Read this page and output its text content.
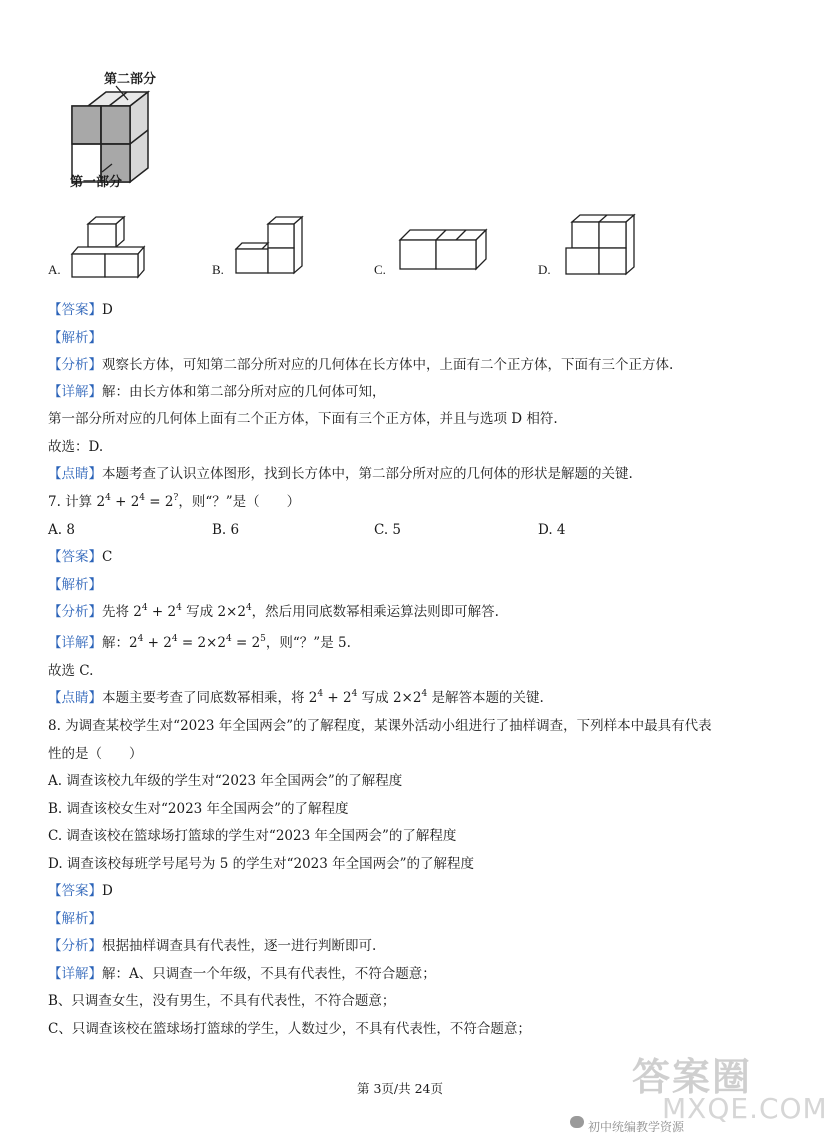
第二部分
第一部分
A.	B.	C.	D.
【答案】D
【解析】
【分析】观察长方体，可知第二部分所对应的几何体在长方体中，上面有二个正方体，下面有三个正方体.
【详解】解：由长方体和第二部分所对应的几何体可知，
第一部分所对应的几何体上面有二个正方体，下面有三个正方体，并且与选项 D 相符.
故选：D.
【点睛】本题考查了认识立体图形，找到长方体中，第二部分所对应的几何体的形状是解题的关键.
7. 计算 $2^4 + 2^4 = 2^?$，则“？”是（　　）
A. 8	B. 6	C. 5	D. 4
【答案】C
【解析】
【分析】先将 $2^4 + 2^4$ 写成 $2\times 2^4$，然后用同底数幂相乘运算法则即可解答.
【详解】解：$2^4 + 2^4 = 2\times 2^4 = 2^5$，则“？”是 5.
故选 C.
【点睛】本题主要考查了同底数幂相乘，将 $2^4 + 2^4$ 写成 $2\times 2^4$ 是解答本题的关键.
8. 为调查某校学生对“2023 年全国两会”的了解程度，某课外活动小组进行了抽样调查，下列样本中最具有代表
性的是（　　）
A. 调查该校九年级的学生对“2023 年全国两会”的了解程度
B. 调查该校女生对“2023 年全国两会”的了解程度
C. 调查该校在篮球场打篮球的学生对“2023 年全国两会”的了解程度
D. 调查该校每班学号尾号为 5 的学生对“2023 年全国两会”的了解程度
【答案】D
【解析】
【分析】根据抽样调查具有代表性，逐一进行判断即可.
【详解】解：A、只调查一个年级，不具有代表性，不符合题意；
B、只调查女生，没有男生，不具有代表性，不符合题意；
C、只调查该校在篮球场打篮球的学生，人数过少，不具有代表性，不符合题意；
第 3页/共 24页	答案圈
MXQE.COM
初中统编教学资源
